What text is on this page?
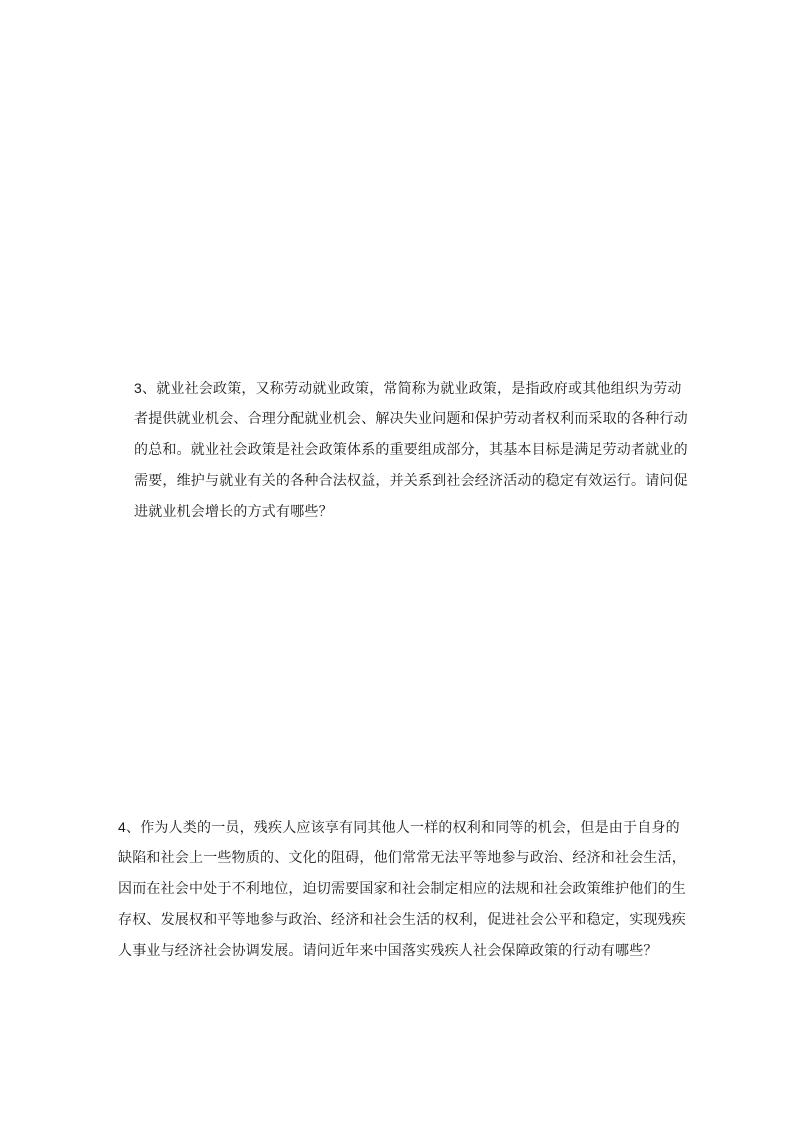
3、就业社会政策，又称劳动就业政策，常简称为就业政策，是指政府或其他组织为劳动
者提供就业机会、合理分配就业机会、解决失业问题和保护劳动者权利而采取的各种行动
的总和。就业社会政策是社会政策体系的重要组成部分，其基本目标是满足劳动者就业的
需要，维护与就业有关的各种合法权益，并关系到社会经济活动的稳定有效运行。请问促
进就业机会增长的方式有哪些？
4、作为人类的一员，残疾人应该享有同其他人一样的权利和同等的机会，但是由于自身的
缺陷和社会上一些物质的、文化的阻碍，他们常常无法平等地参与政治、经济和社会生活，
因而在社会中处于不利地位，迫切需要国家和社会制定相应的法规和社会政策维护他们的生
存权、发展权和平等地参与政治、经济和社会生活的权利，促进社会公平和稳定，实现残疾
人事业与经济社会协调发展。请问近年来中国落实残疾人社会保障政策的行动有哪些？
